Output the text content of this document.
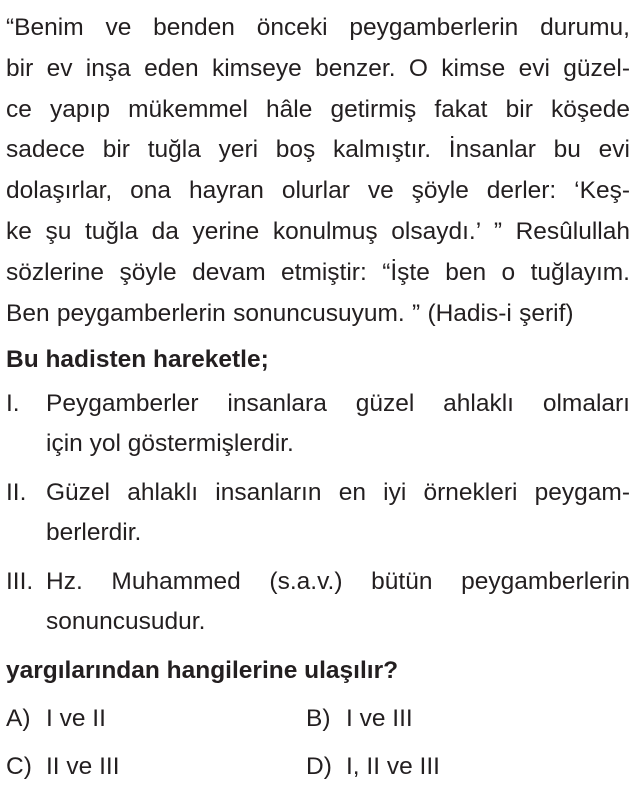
“Benim ve benden önceki peygamberlerin durumu,
bir ev inşa eden kimseye benzer. O kimse evi güzel-
ce yapıp mükemmel hâle getirmiş fakat bir köşede
sadece bir tuğla yeri boş kalmıştır. İnsanlar bu evi
dolaşırlar, ona hayran olurlar ve şöyle derler: ‘Keş-
ke şu tuğla da yerine konulmuş olsaydı.’ ” Resûlullah
sözlerine şöyle devam etmiştir: “İşte ben o tuğlayım.
Ben peygamberlerin sonuncusuyum. ” (Hadis-i şerif)

Bu hadisten hareketle;

I. Peygamberler insanlara güzel ahlaklı olmaları
için yol göstermişlerdir.
II. Güzel ahlaklı insanların en iyi örnekleri peygam-
berlerdir.
III. Hz. Muhammed (s.a.v.) bütün peygamberlerin
sonuncusudur.

yargılarından hangilerine ulaşılır?

A) I ve II	B) I ve III
C) II ve III	D) I, II ve III
